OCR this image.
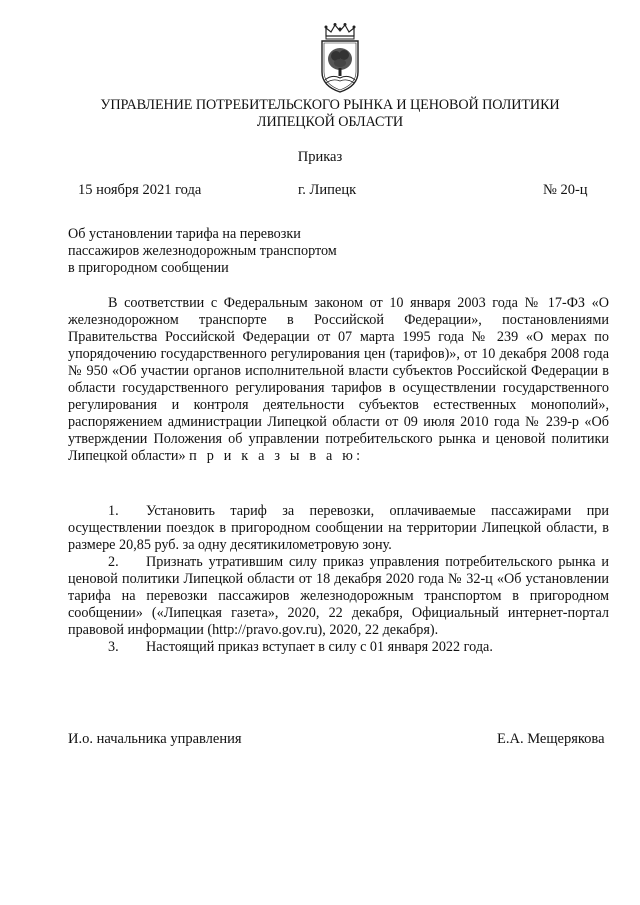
УПРАВЛЕНИЕ ПОТРЕБИТЕЛЬСКОГО РЫНКА И ЦЕНОВОЙ ПОЛИТИКИ
ЛИПЕЦКОЙ ОБЛАСТИ
Приказ
15 ноября 2021 года	г. Липецк	№ 20-ц
Об установлении тарифа на перевозки
пассажиров железнодорожным транспортом
в пригородном сообщении

В соответствии с Федеральным законом от 10 января 2003 года № 17-ФЗ «О железнодорожном транспорте в Российской Федерации», постановлениями Правительства Российской Федерации от 07 марта 1995 года № 239 «О мерах по упорядочению государственного регулирования цен (тарифов)», от 10 декабря 2008 года № 950 «Об участии органов исполнительной власти субъектов Российской Федерации в области государственного регулирования тарифов в осуществлении государственного регулирования и контроля деятельности субъектов естественных монополий», распоряжением администрации Липецкой области от 09 июля 2010 года № 239-р «Об утверждении Положения об управлении потребительского рынка и ценовой политики Липецкой области» п р и к а з ы в а ю:

1. Установить тариф за перевозки, оплачиваемые пассажирами при осуществлении поездок в пригородном сообщении на территории Липецкой области, в размере 20,85 руб. за одну десятикилометровую зону.

2. Признать утратившим силу приказ управления потребительского рынка и ценовой политики Липецкой области от 18 декабря 2020 года № 32-ц «Об установлении тарифа на перевозки пассажиров железнодорожным транспортом в пригородном сообщении» («Липецкая газета», 2020, 22 декабря, Официальный интернет-портал правовой информации (http://pravo.gov.ru), 2020, 22 декабря).

3. Настоящий приказ вступает в силу с 01 января 2022 года.

И.о. начальника управления	Е.А. Мещерякова
